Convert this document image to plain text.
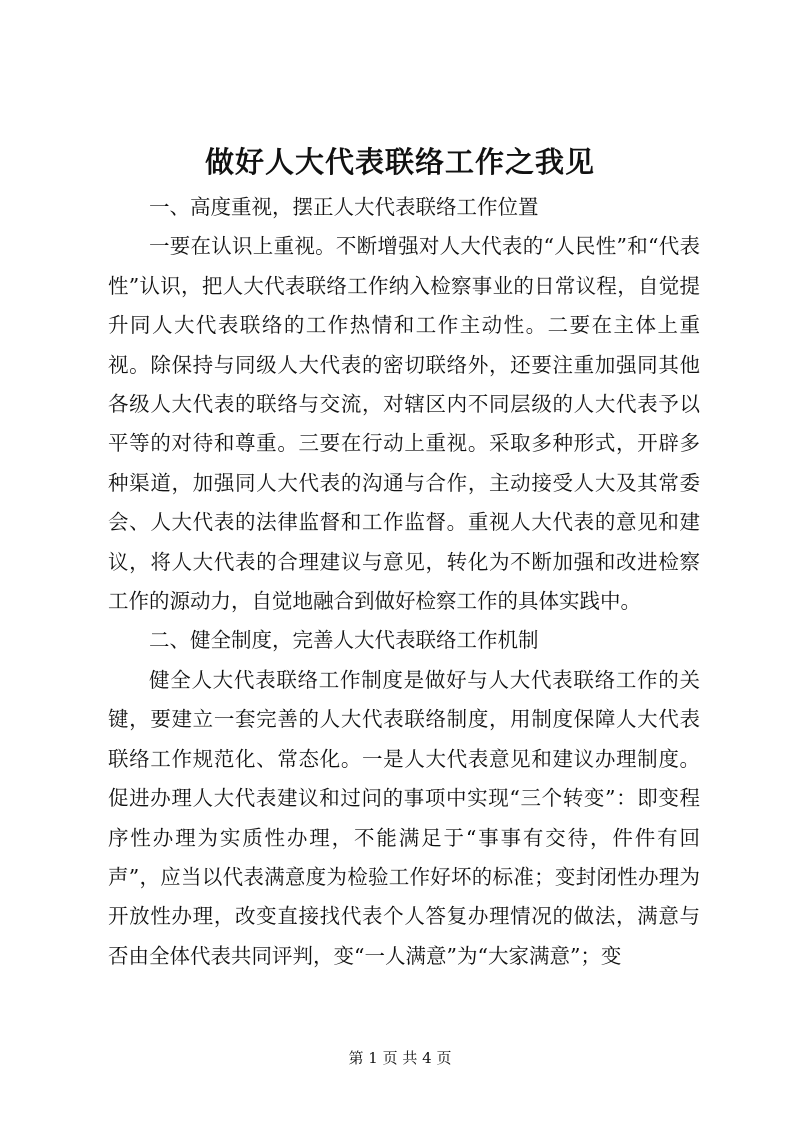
做好人大代表联络工作之我见

一、高度重视，摆正人大代表联络工作位置

一要在认识上重视。不断增强对人大代表的“人民性”和“代表性”认识，把人大代表联络工作纳入检察事业的日常议程，自觉提升同人大代表联络的工作热情和工作主动性。二要在主体上重视。除保持与同级人大代表的密切联络外，还要注重加强同其他各级人大代表的联络与交流，对辖区内不同层级的人大代表予以平等的对待和尊重。三要在行动上重视。采取多种形式，开辟多种渠道，加强同人大代表的沟通与合作，主动接受人大及其常委会、人大代表的法律监督和工作监督。重视人大代表的意见和建议，将人大代表的合理建议与意见，转化为不断加强和改进检察工作的源动力，自觉地融合到做好检察工作的具体实践中。

二、健全制度，完善人大代表联络工作机制

健全人大代表联络工作制度是做好与人大代表联络工作的关键，要建立一套完善的人大代表联络制度，用制度保障人大代表联络工作规范化、常态化。一是人大代表意见和建议办理制度。促进办理人大代表建议和过问的事项中实现“三个转变”：即变程序性办理为实质性办理，不能满足于“事事有交待，件件有回声”，应当以代表满意度为检验工作好坏的标准；变封闭性办理为开放性办理，改变直接找代表个人答复办理情况的做法，满意与否由全体代表共同评判，变“一人满意”为“大家满意”；变

第 1 页 共 4 页
